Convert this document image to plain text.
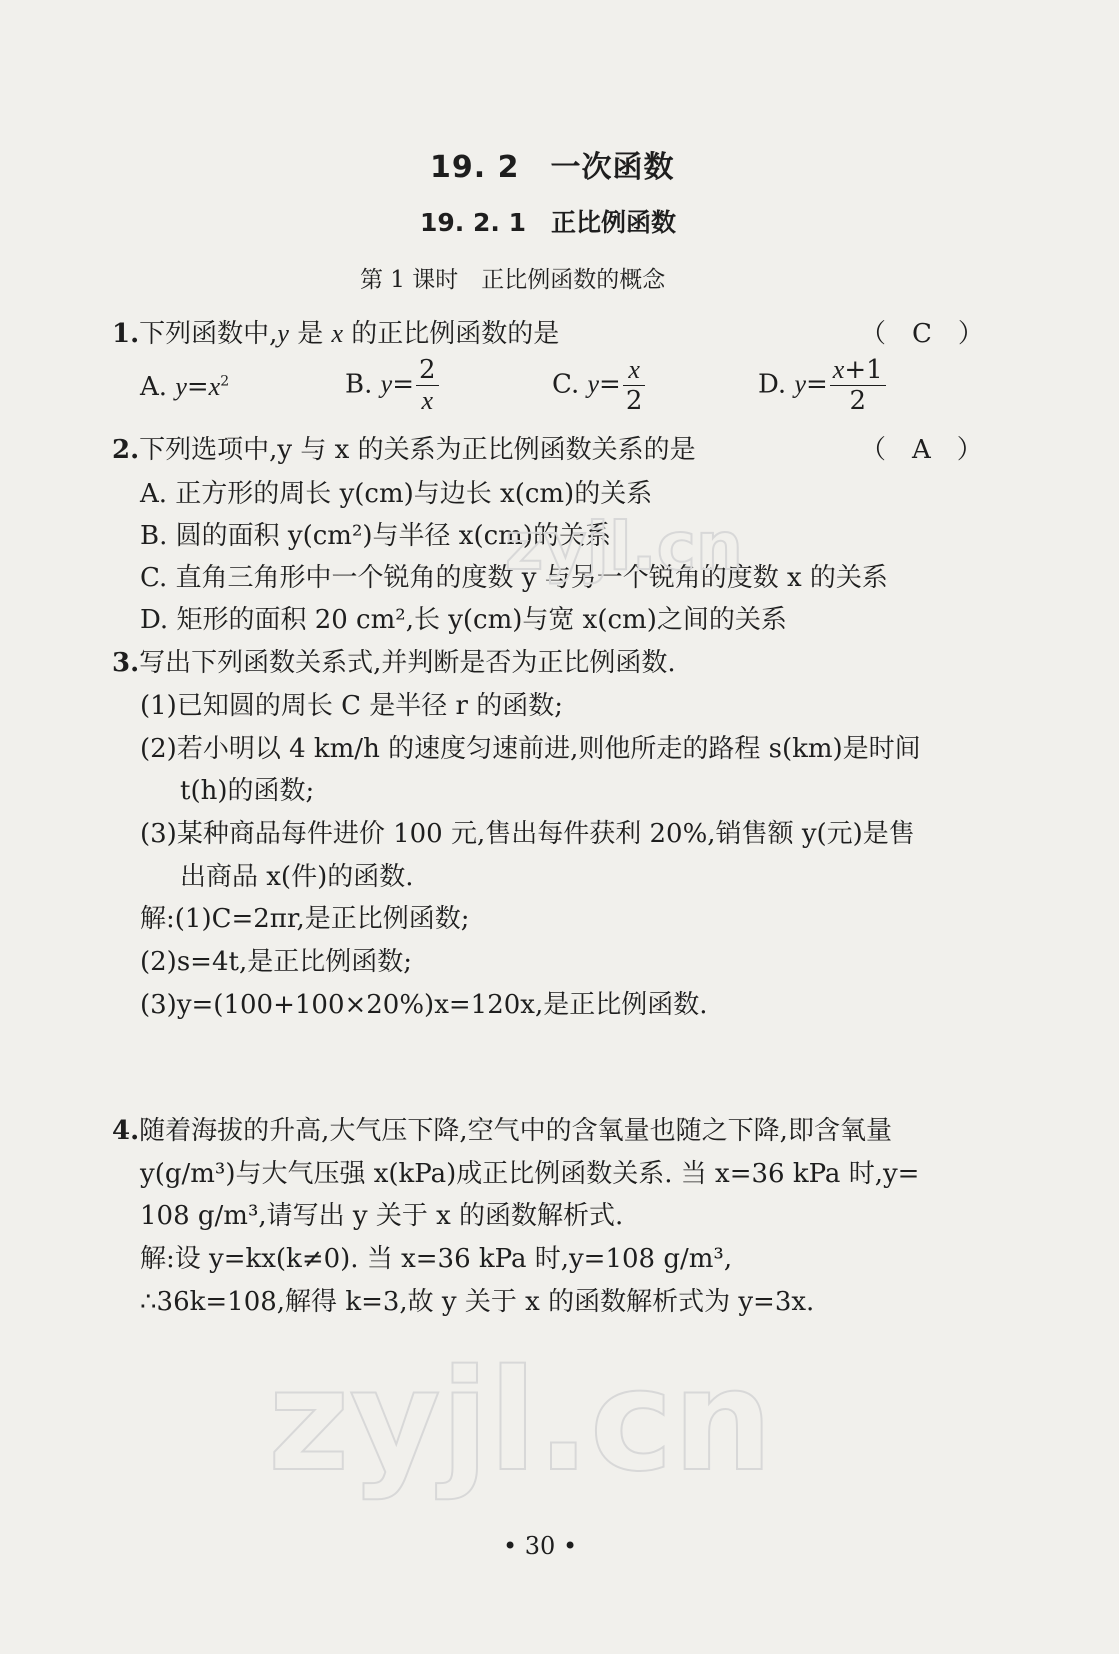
19. 2　一次函数
19. 2. 1　正比例函数
第 1 课时　正比例函数的概念
1.下列函数中,y 是 x 的正比例函数的是	（　C　）
A. $y=x^2$	B. $y= \frac{2}{x}$	C. $y= \frac{x}{2}$	D. $y= \frac{x+1}{2}$
2.下列选项中,y 与 x 的关系为正比例函数关系的是	（　A　）
A. 正方形的周长 y(cm)与边长 x(cm)的关系
B. 圆的面积 y(cm²)与半径 x(cm)的关系
C. 直角三角形中一个锐角的度数 y 与另一个锐角的度数 x 的关系
D. 矩形的面积 20 cm²,长 y(cm)与宽 x(cm)之间的关系
3.写出下列函数关系式,并判断是否为正比例函数.
(1)已知圆的周长 C 是半径 r 的函数;
(2)若小明以 4 km/h 的速度匀速前进,则他所走的路程 s(km)是时间
t(h)的函数;
(3)某种商品每件进价 100 元,售出每件获利 20%,销售额 y(元)是售
出商品 x(件)的函数.
解:(1)C=2πr,是正比例函数;
(2)s=4t,是正比例函数;
(3)y=(100+100×20%)x=120x,是正比例函数.
4.随着海拔的升高,大气压下降,空气中的含氧量也随之下降,即含氧量
y(g/m³)与大气压强 x(kPa)成正比例函数关系. 当 x=36 kPa 时,y=
108 g/m³,请写出 y 关于 x 的函数解析式.
解:设 y=kx(k≠0). 当 x=36 kPa 时,y=108 g/m³,
∴36k=108,解得 k=3,故 y 关于 x 的函数解析式为 y=3x.
zyjl.cn
zyjl.cn
• 30 •
